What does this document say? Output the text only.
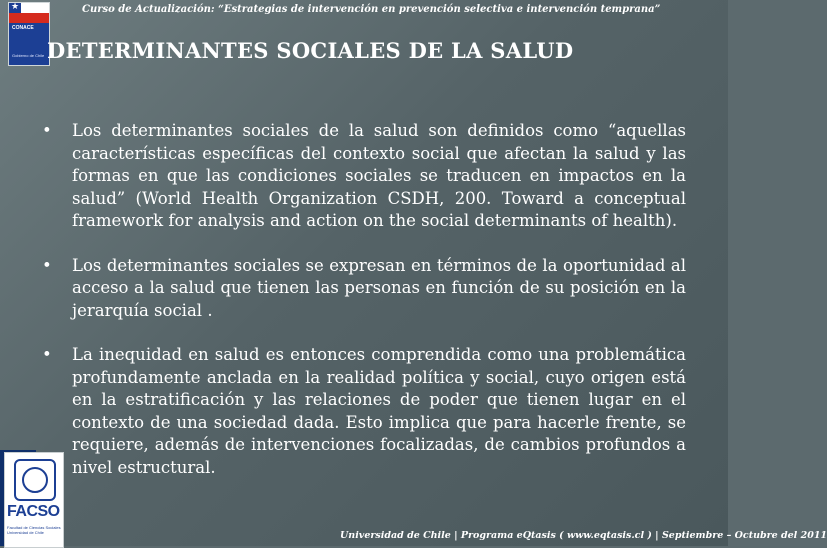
Curso de Actualización: “Estrategias de intervención en prevención selectiva e intervención temprana”
★
CONACE
Gobierno de Chile DETERMINANTES SOCIALES DE LA SALUD
• Los determinantes sociales de la salud son definidos como “aquellas características específicas del contexto social que afectan la salud y las formas en que las condiciones sociales se traducen en impactos en la salud” (World Health Organization CSDH, 200. Toward a conceptual framework for analysis and action on the social determinants of health).
• Los determinantes sociales se expresan en términos de la oportunidad al acceso a la salud que tienen las personas en función de su posición en la jerarquía social .
• La inequidad en salud es entonces comprendida como una problemática profundamente anclada en la realidad política y social, cuyo origen está en la estratificación y las relaciones de poder que tienen lugar en el contexto de una sociedad dada. Esto implica que para hacerle frente, se requiere, además de intervenciones focalizadas, de cambios profundos a nivel estructural.
FACSO
Facultad de Ciencias Sociales Universidad de Chile	Universidad de Chile | Programa eQtasis ( www.eqtasis.cl ) | Septiembre – Octubre del 2011
